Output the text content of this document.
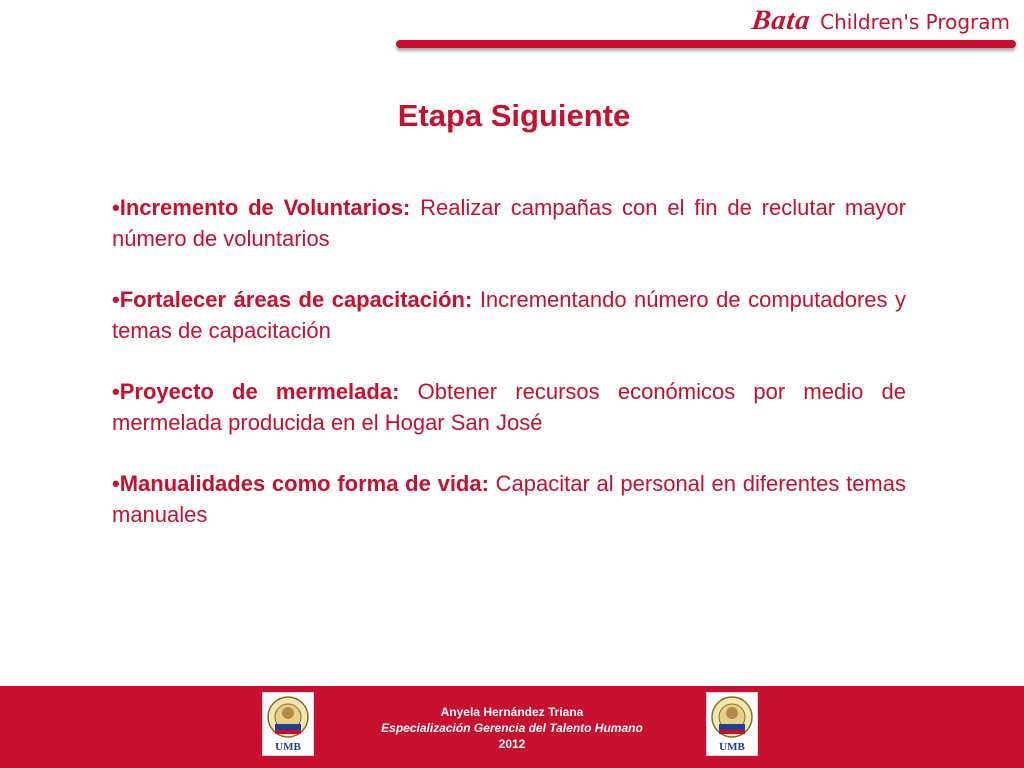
Bata Children's Program
Etapa Siguiente
•Incremento de Voluntarios: Realizar campañas con el fin de reclutar mayor número de voluntarios
•Fortalecer áreas de capacitación: Incrementando número de computadores y temas de capacitación
•Proyecto de mermelada: Obtener recursos económicos por medio de mermelada producida en el Hogar San José
•Manualidades como forma de vida: Capacitar al personal en diferentes temas manuales
UMB
Anyela Hernández Triana
Especialización Gerencia del Talento Humano
2012	UMB
